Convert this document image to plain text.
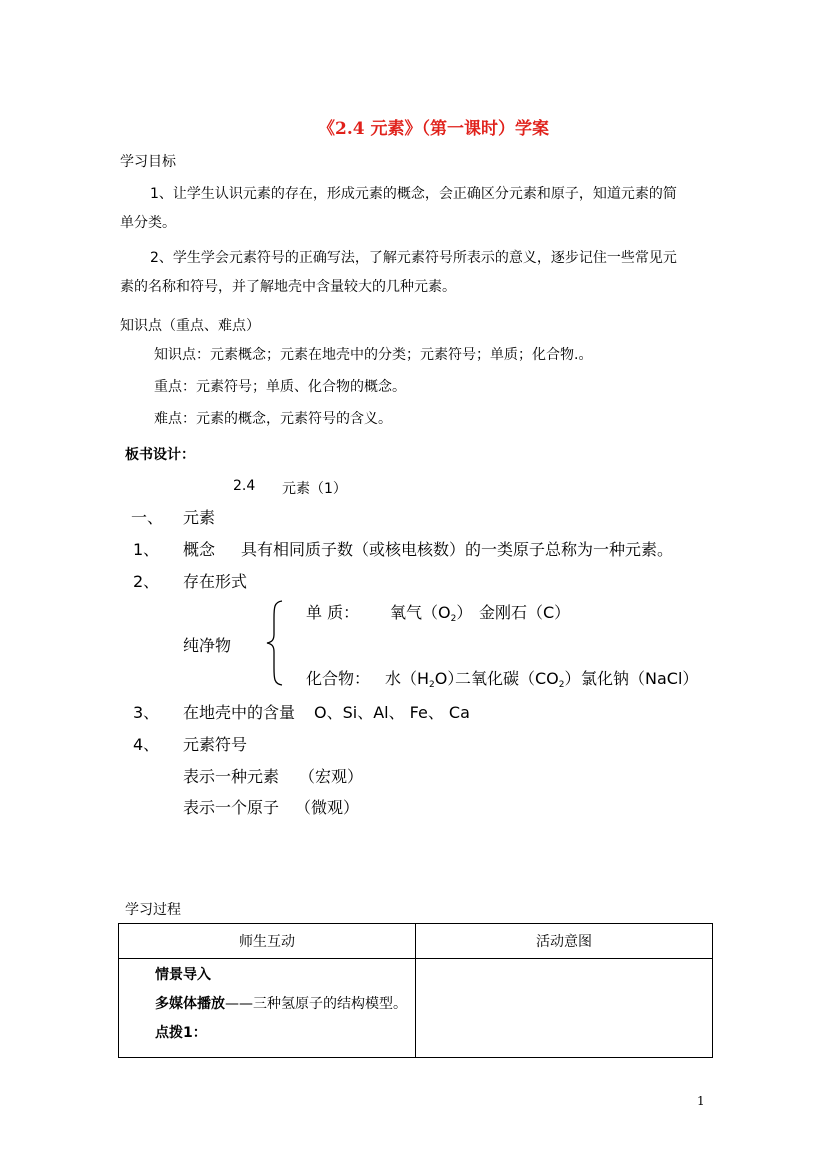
《2.4 元素》（第一课时）学案
学习目标
1、让学生认识元素的存在，形成元素的概念，会正确区分元素和原子，知道元素的简
单分类。
2、学生学会元素符号的正确写法，了解元素符号所表示的意义，逐步记住一些常见元
素的名称和符号，并了解地壳中含量较大的几种元素。
知识点（重点、难点）
知识点：元素概念；元素在地壳中的分类；元素符号；单质；化合物.。
重点：元素符号；单质、化合物的概念。
难点：元素的概念，元素符号的含义。
板书设计：
2.4 元素（1）
一、 元素
1、 概念 具有相同质子数（或核电核数）的一类原子总称为一种元素。
2、 存在形式
纯净物
单 质： 氧气$(O_2)$ 金刚石（C）
化合物： 水$(H_2O)$
二氧化碳$(CO_2)$ 氯化钠（NaCl）
3、 在地壳中的含量 O、Si、Al、 Fe、 Ca
4、 元素符号
表示一种元素 （宏观）
表示一个原子 （微观）
学习过程
师生互动	活动意图

情景导入
多媒体播放——三种氢原子的结构模型。
点拨1：	

1
